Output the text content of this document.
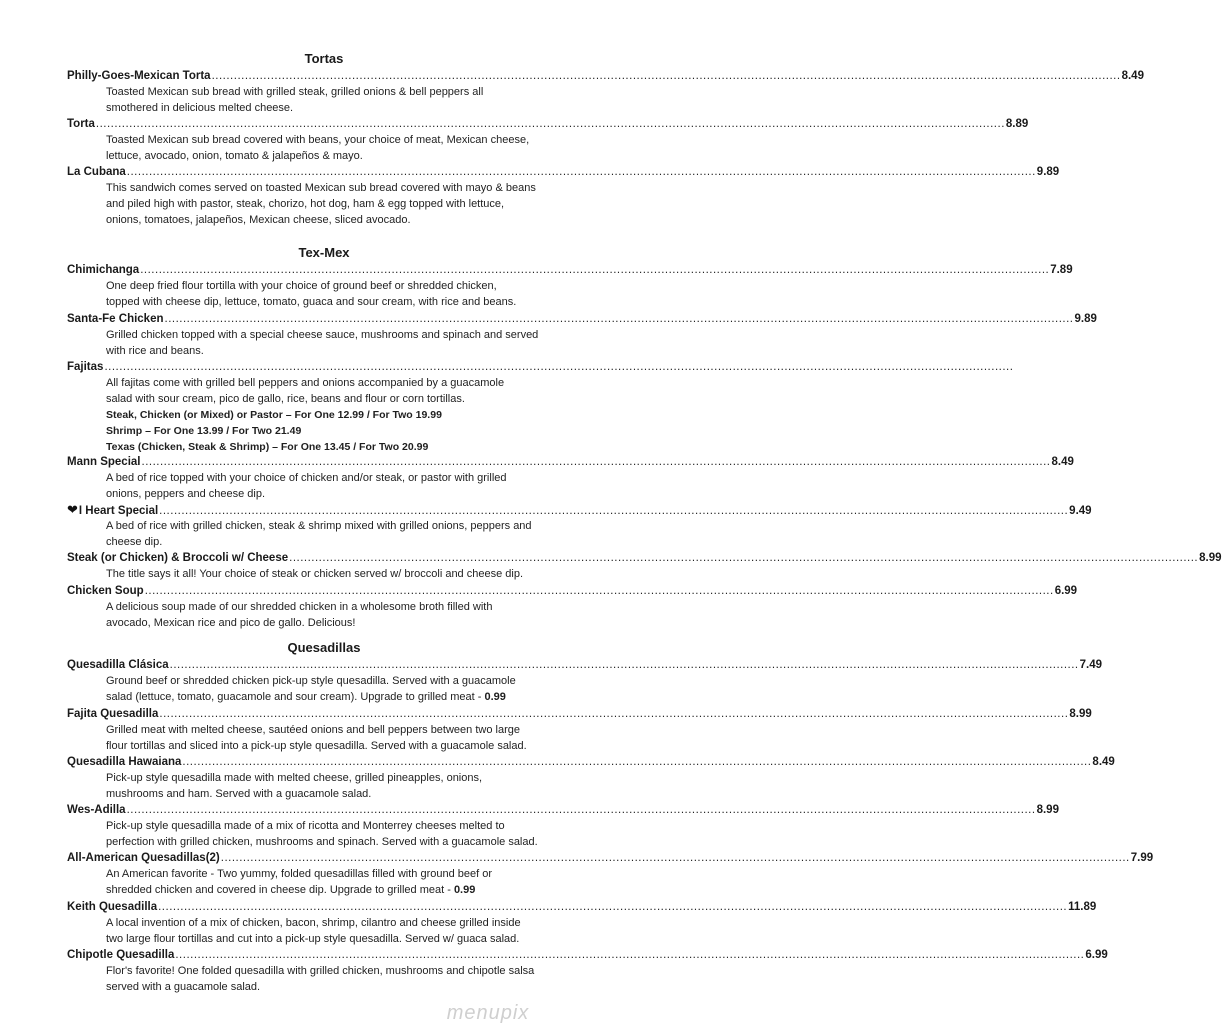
Tortas
Tex-Mex
Quesadillas
Philly-Goes-Mexican Torta ...................................................................................................................................................................................................................................................... 8.49
Toasted Mexican sub bread with grilled steak, grilled onions & bell peppers all
smothered in delicious melted cheese.
Torta ...................................................................................................................................................................................................................................................... 8.89
Toasted Mexican sub bread covered with beans, your choice of meat, Mexican cheese,
lettuce, avocado, onion, tomato & jalapeños & mayo.
La Cubana ...................................................................................................................................................................................................................................................... 9.89
This sandwich comes served on toasted Mexican sub bread covered with mayo & beans
and piled high with pastor, steak, chorizo, hot dog, ham & egg topped with lettuce,
onions, tomatoes, jalapeños, Mexican cheese, sliced avocado.
Chimichanga ...................................................................................................................................................................................................................................................... 7.89
One deep fried flour tortilla with your choice of ground beef or shredded chicken,
topped with cheese dip, lettuce, tomato, guaca and sour cream, with rice and beans.
Santa-Fe Chicken ...................................................................................................................................................................................................................................................... 9.89
Grilled chicken topped with a special cheese sauce, mushrooms and spinach and served
with rice and beans.
Fajitas ......................................................................................................................................................................................................................................................
All fajitas come with grilled bell peppers and onions accompanied by a guacamole
salad with sour cream, pico de gallo, rice, beans and flour or corn tortillas.
Steak, Chicken (or Mixed) or Pastor – For One 12.99 / For Two 19.99
Shrimp – For One 13.99 / For Two 21.49
Texas (Chicken, Steak & Shrimp) – For One 13.45 / For Two 20.99
Mann Special ...................................................................................................................................................................................................................................................... 8.49
A bed of rice topped with your choice of chicken and/or steak, or pastor with grilled
onions, peppers and cheese dip.
❤ I Heart Special ...................................................................................................................................................................................................................................................... 9.49
A bed of rice with grilled chicken, steak & shrimp mixed with grilled onions, peppers and
cheese dip.
Steak (or Chicken) & Broccoli w/ Cheese ...................................................................................................................................................................................................................................................... 8.99
The title says it all! Your choice of steak or chicken served w/ broccoli and cheese dip.
Chicken Soup ...................................................................................................................................................................................................................................................... 6.99
A delicious soup made of our shredded chicken in a wholesome broth filled with
avocado, Mexican rice and pico de gallo. Delicious!
Quesadilla Clásica ...................................................................................................................................................................................................................................................... 7.49
Ground beef or shredded chicken pick-up style quesadilla. Served with a guacamole
salad (lettuce, tomato, guacamole and sour cream). Upgrade to grilled meat - 0.99
Fajita Quesadilla ...................................................................................................................................................................................................................................................... 8.99
Grilled meat with melted cheese, sautéed onions and bell peppers between two large
flour tortillas and sliced into a pick-up style quesadilla. Served with a guacamole salad.
Quesadilla Hawaiana ...................................................................................................................................................................................................................................................... 8.49
Pick-up style quesadilla made with melted cheese, grilled pineapples, onions,
mushrooms and ham. Served with a guacamole salad.
Wes-Adilla ...................................................................................................................................................................................................................................................... 8.99
Pick-up style quesadilla made of a mix of ricotta and Monterrey cheeses melted to
perfection with grilled chicken, mushrooms and spinach. Served with a guacamole salad.
All-American Quesadillas(2) ...................................................................................................................................................................................................................................................... 7.99
An American favorite - Two yummy, folded quesadillas filled with ground beef or
shredded chicken and covered in cheese dip. Upgrade to grilled meat - 0.99
Keith Quesadilla ...................................................................................................................................................................................................................................................... 11.89
A local invention of a mix of chicken, bacon, shrimp, cilantro and cheese grilled inside
two large flour tortillas and cut into a pick-up style quesadilla. Served w/ guaca salad.
Chipotle Quesadilla ...................................................................................................................................................................................................................................................... 6.99
Flor's favorite! One folded quesadilla with grilled chicken, mushrooms and chipotle salsa
served with a guacamole salad.
menupix
